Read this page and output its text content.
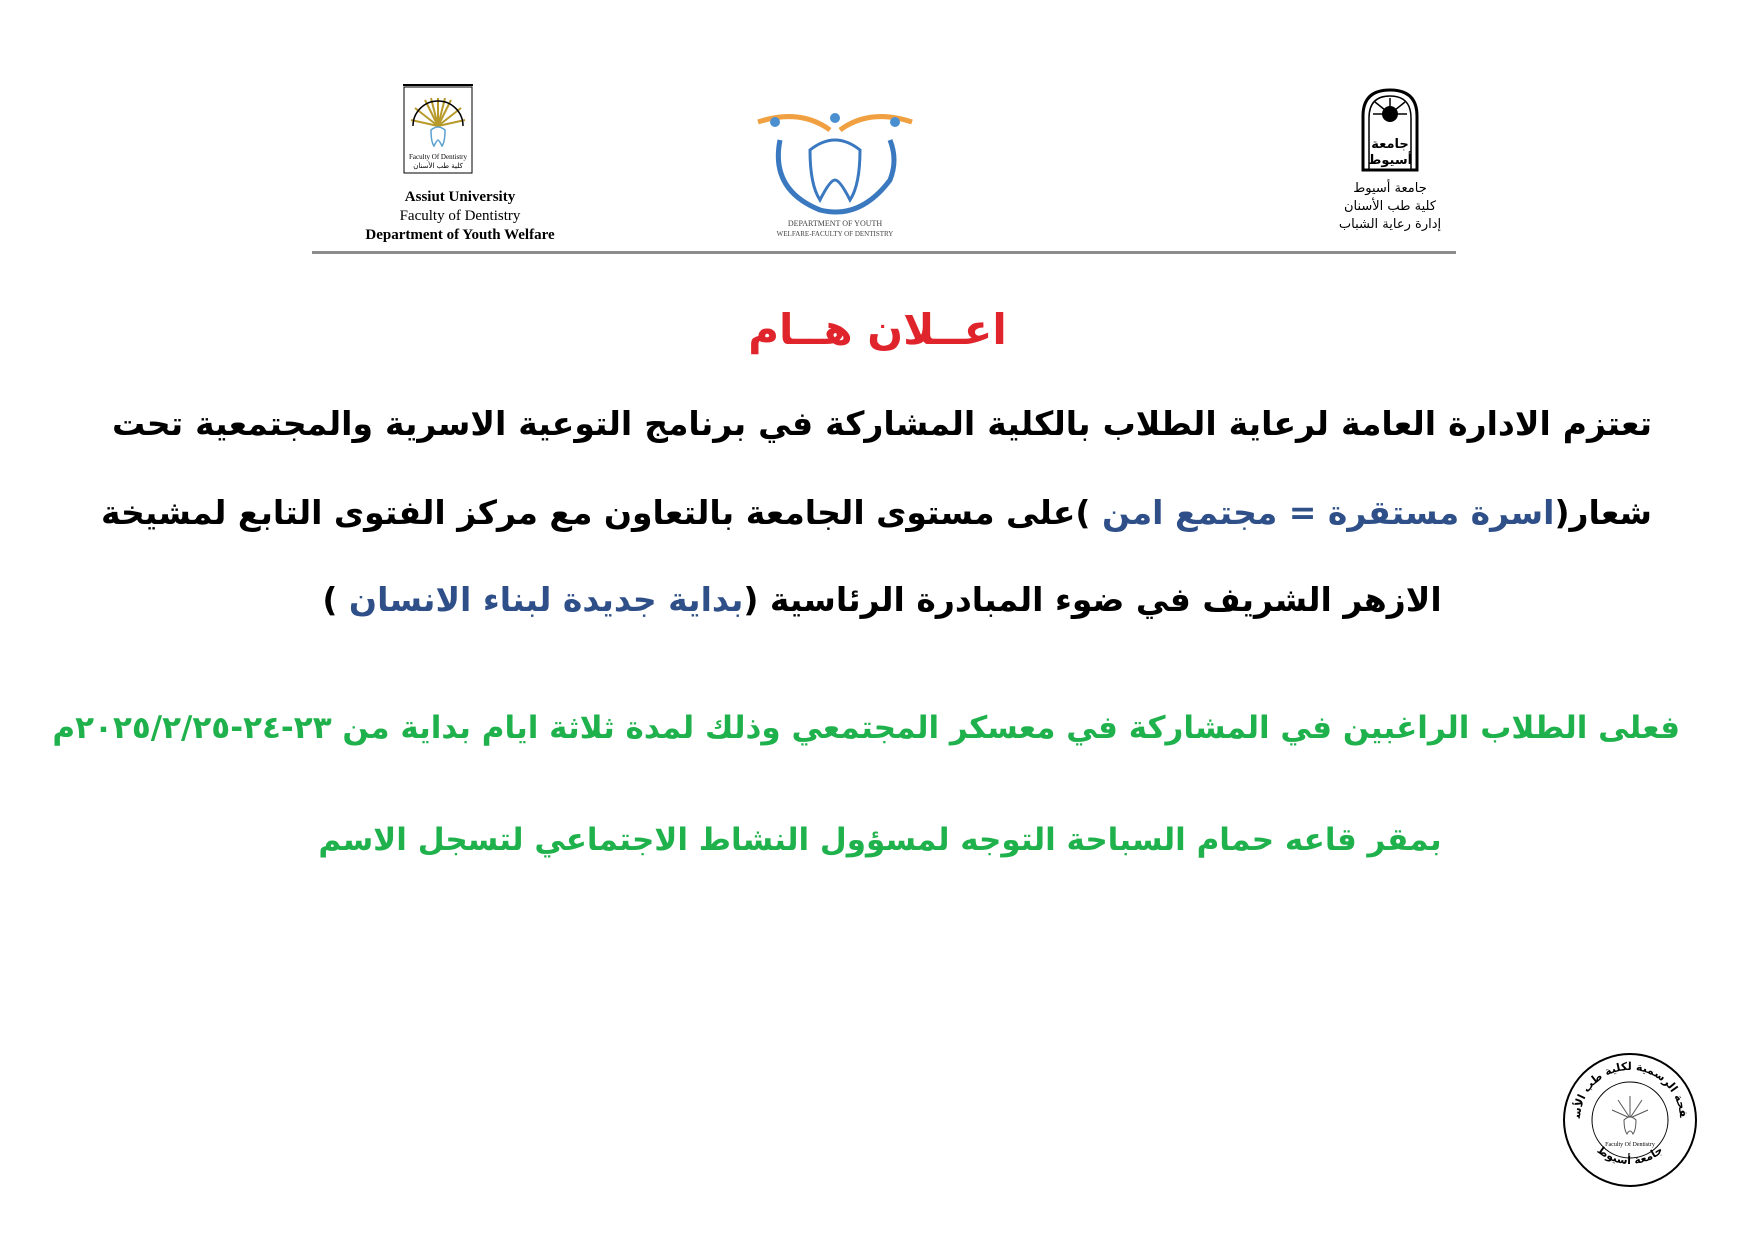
Faculty Of Dentistry
كلية طب الأسنان
Assiut University
Faculty of Dentistry
Department of Youth Welfare
DEPARTMENT OF YOUTH
WELFARE-FACULTY OF DENTISTRY
جامعة
أسيوط
جامعة أسيوط
كلية طب الأسنان
إدارة رعاية الشباب
اعــلان هــام
تعتزم الادارة العامة لرعاية الطلاب بالكلية المشاركة في برنامج التوعية الاسرية والمجتمعية تحت
شعار(اسرة مستقرة = مجتمع امن )على مستوى الجامعة بالتعاون مع مركز الفتوى التابع لمشيخة
الازهر الشريف في ضوء المبادرة الرئاسية (بداية جديدة لبناء الانسان )
فعلى الطلاب الراغبين في المشاركة في معسكر المجتمعي وذلك لمدة ثلاثة ايام بداية من ٢٣-٢٤-٢٠٢٥/٢/٢٥م
بمقر قاعه حمام السباحة التوجه لمسؤول النشاط الاجتماعي لتسجل الاسم
فحة الرسمية لكلية طب الأسنان
جامعة أسيوط
Faculty Of Dentistry
